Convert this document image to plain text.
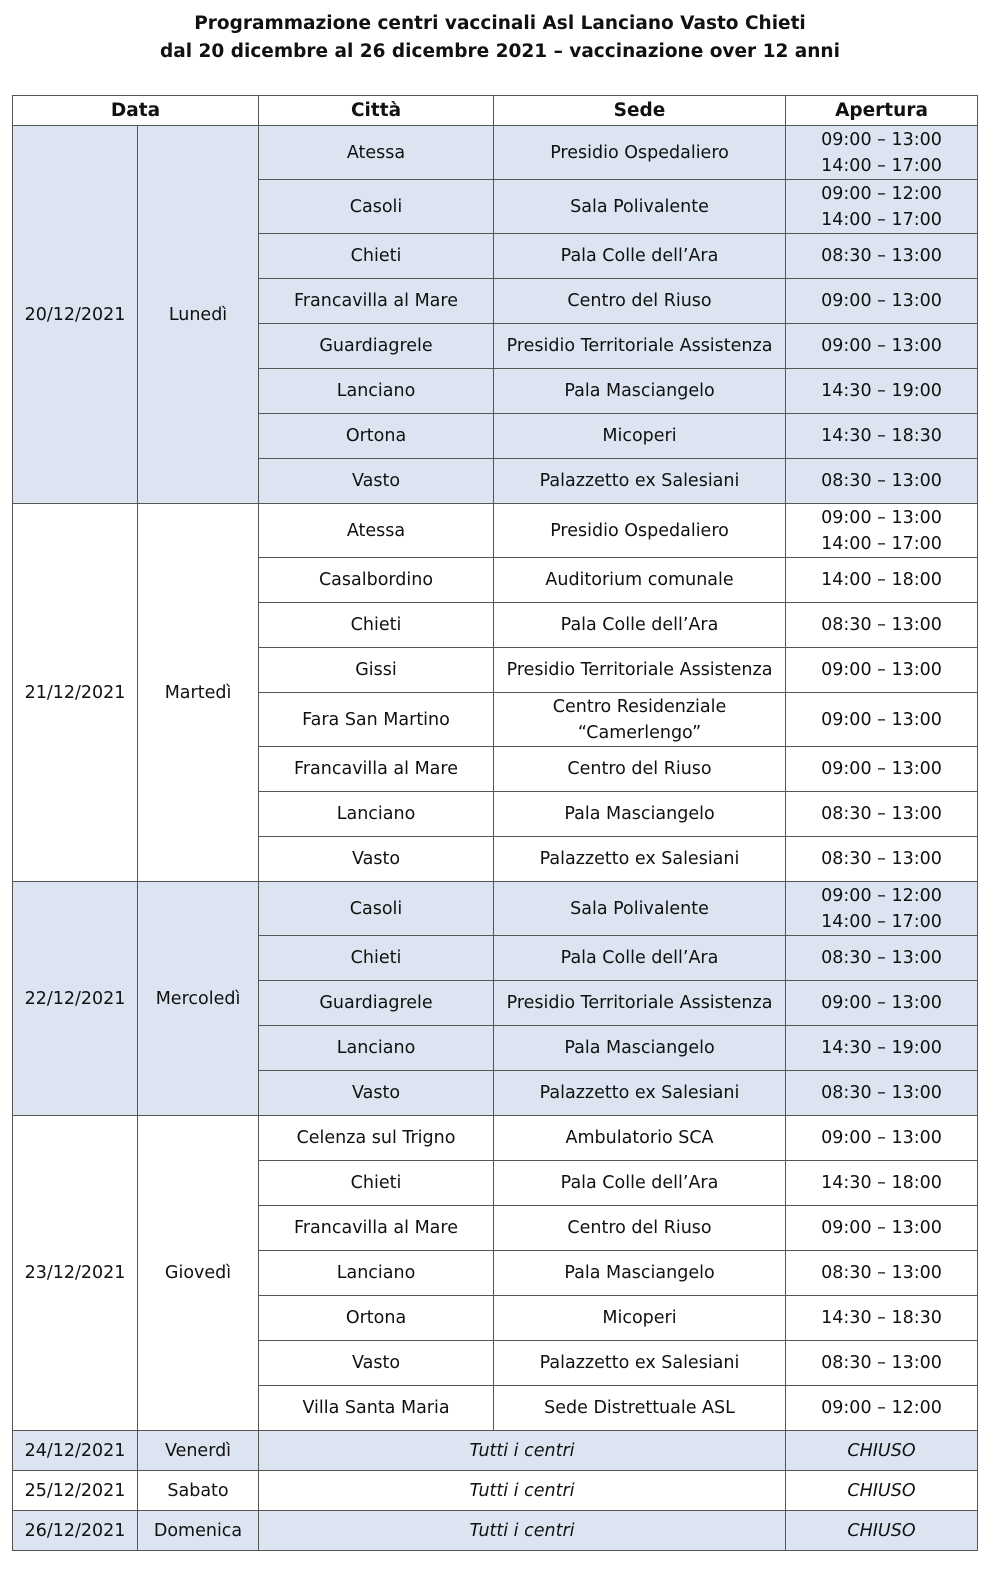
Programmazione centri vaccinali Asl Lanciano Vasto Chieti
dal 20 dicembre al 26 dicembre 2021 – vaccinazione over 12 anni
Data		Città	Sede	Apertura
20/12/2021	Lunedì	Atessa	Presidio Ospedaliero	09:00 – 13:00
14:00 – 17:00

		Casoli	Sala Polivalente	09:00 – 12:00
14:00 – 17:00

		Chieti	Pala Colle dell’Ara	08:30 – 13:00

		Francavilla al Mare	Centro del Riuso	09:00 – 13:00

		Guardiagrele	Presidio Territoriale Assistenza	09:00 – 13:00

		Lanciano	Pala Masciangelo	14:30 – 19:00

		Ortona	Micoperi	14:30 – 18:30

		Vasto	Palazzetto ex Salesiani	08:30 – 13:00

21/12/2021	Martedì	Atessa	Presidio Ospedaliero	09:00 – 13:00
14:00 – 17:00

		Casalbordino	Auditorium comunale	14:00 – 18:00

		Chieti	Pala Colle dell’Ara	08:30 – 13:00

		Gissi	Presidio Territoriale Assistenza	09:00 – 13:00

		Fara San Martino	Centro Residenziale
“Camerlengo”	09:00 – 13:00

		Francavilla al Mare	Centro del Riuso	09:00 – 13:00

		Lanciano	Pala Masciangelo	08:30 – 13:00

		Vasto	Palazzetto ex Salesiani	08:30 – 13:00

22/12/2021	Mercoledì	Casoli	Sala Polivalente	09:00 – 12:00
14:00 – 17:00

		Chieti	Pala Colle dell’Ara	08:30 – 13:00

		Guardiagrele	Presidio Territoriale Assistenza	09:00 – 13:00

		Lanciano	Pala Masciangelo	14:30 – 19:00

		Vasto	Palazzetto ex Salesiani	08:30 – 13:00

23/12/2021	Giovedì	Celenza sul Trigno	Ambulatorio SCA	09:00 – 13:00

		Chieti	Pala Colle dell’Ara	14:30 – 18:00

		Francavilla al Mare	Centro del Riuso	09:00 – 13:00

		Lanciano	Pala Masciangelo	08:30 – 13:00

		Ortona	Micoperi	14:30 – 18:30

		Vasto	Palazzetto ex Salesiani	08:30 – 13:00

		Villa Santa Maria	Sede Distrettuale ASL	09:00 – 12:00

24/12/2021	Venerdì	Tutti i centri		CHIUSO
25/12/2021	Sabato	Tutti i centri		CHIUSO
26/12/2021	Domenica	Tutti i centri		CHIUSO
